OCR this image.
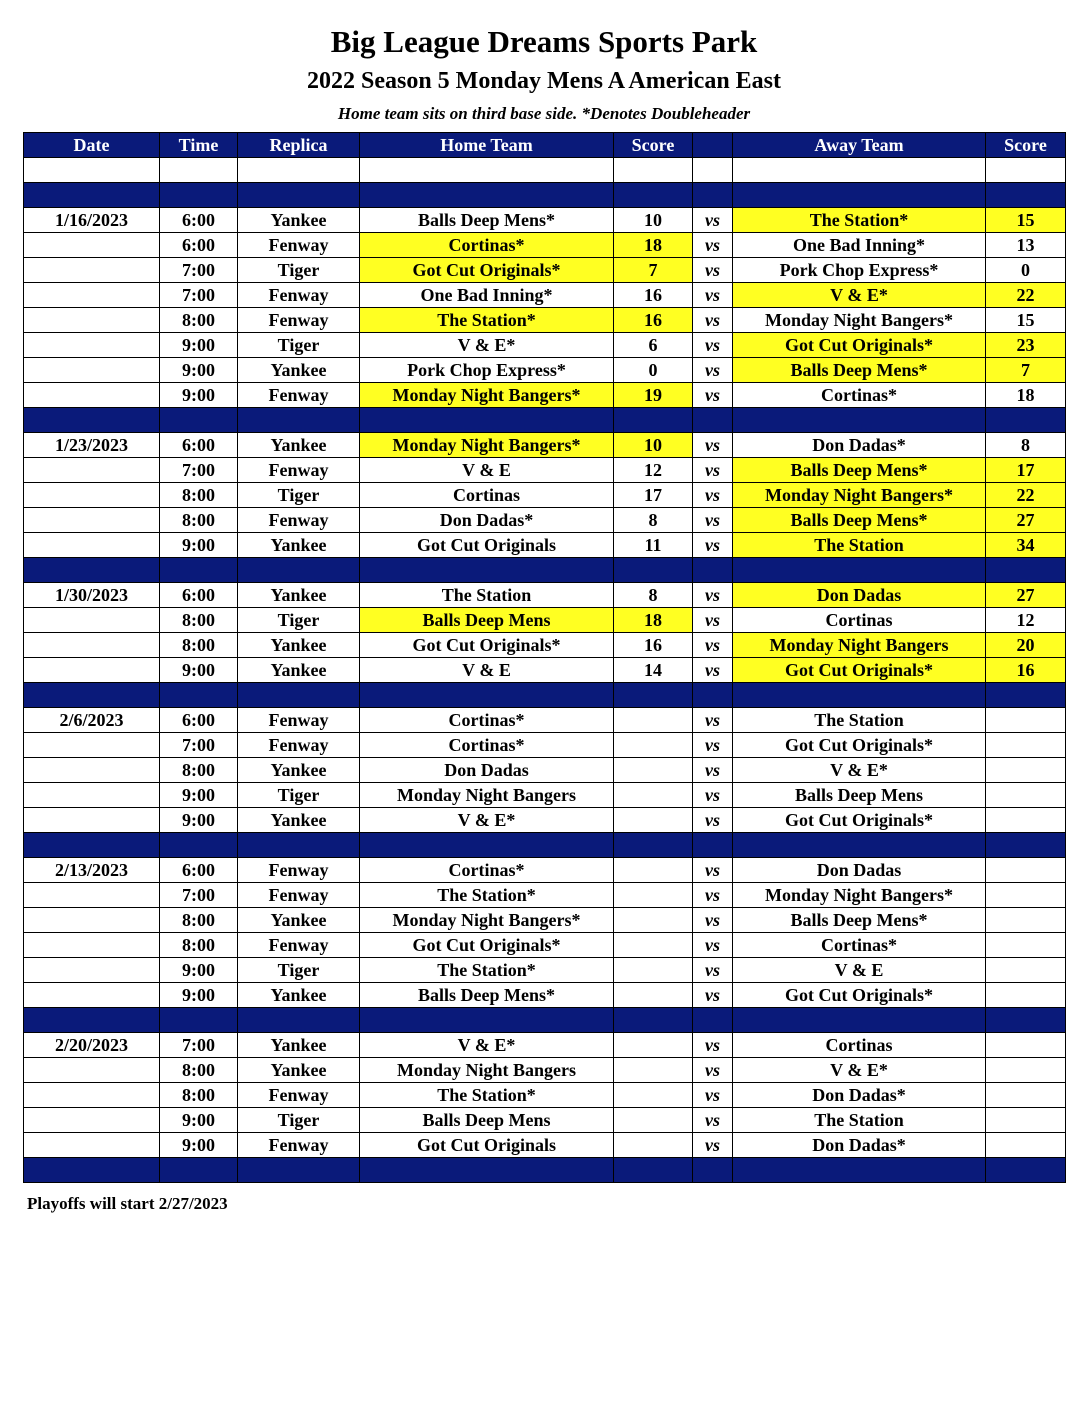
Big League Dreams Sports Park
2022 Season 5 Monday Mens A American East
Home team sits on third base side. *Denotes Doubleheader
Date	Time	Replica	Home Team	Score		Away Team	Score

1/16/2023	6:00	Yankee	Balls Deep Mens*	10	vs	The Station*	15
	6:00	Fenway	Cortinas*	18	vs	One Bad Inning*	13
	7:00	Tiger	Got Cut Originals*	7	vs	Pork Chop Express*	0
	7:00	Fenway	One Bad Inning*	16	vs	V & E*	22
	8:00	Fenway	The Station*	16	vs	Monday Night Bangers*	15
	9:00	Tiger	V & E*	6	vs	Got Cut Originals*	23
	9:00	Yankee	Pork Chop Express*	0	vs	Balls Deep Mens*	7
	9:00	Fenway	Monday Night Bangers*	19	vs	Cortinas*	18

1/23/2023	6:00	Yankee	Monday Night Bangers*	10	vs	Don Dadas*	8
	7:00	Fenway	V & E	12	vs	Balls Deep Mens*	17
	8:00	Tiger	Cortinas	17	vs	Monday Night Bangers*	22
	8:00	Fenway	Don Dadas*	8	vs	Balls Deep Mens*	27
	9:00	Yankee	Got Cut Originals	11	vs	The Station	34

1/30/2023	6:00	Yankee	The Station	8	vs	Don Dadas	27
	8:00	Tiger	Balls Deep Mens	18	vs	Cortinas	12
	8:00	Yankee	Got Cut Originals*	16	vs	Monday Night Bangers	20
	9:00	Yankee	V & E	14	vs	Got Cut Originals*	16

2/6/2023	6:00	Fenway	Cortinas*		vs	The Station	
	7:00	Fenway	Cortinas*		vs	Got Cut Originals*	
	8:00	Yankee	Don Dadas		vs	V & E*	
	9:00	Tiger	Monday Night Bangers		vs	Balls Deep Mens	
	9:00	Yankee	V & E*		vs	Got Cut Originals*	

2/13/2023	6:00	Fenway	Cortinas*		vs	Don Dadas	
	7:00	Fenway	The Station*		vs	Monday Night Bangers*	
	8:00	Yankee	Monday Night Bangers*		vs	Balls Deep Mens*	
	8:00	Fenway	Got Cut Originals*		vs	Cortinas*	
	9:00	Tiger	The Station*		vs	V & E	
	9:00	Yankee	Balls Deep Mens*		vs	Got Cut Originals*	

2/20/2023	7:00	Yankee	V & E*		vs	Cortinas	
	8:00	Yankee	Monday Night Bangers		vs	V & E*	
	8:00	Fenway	The Station*		vs	Don Dadas*	
	9:00	Tiger	Balls Deep Mens		vs	The Station	
	9:00	Fenway	Got Cut Originals		vs	Don Dadas*	

Playoffs will start 2/27/2023
